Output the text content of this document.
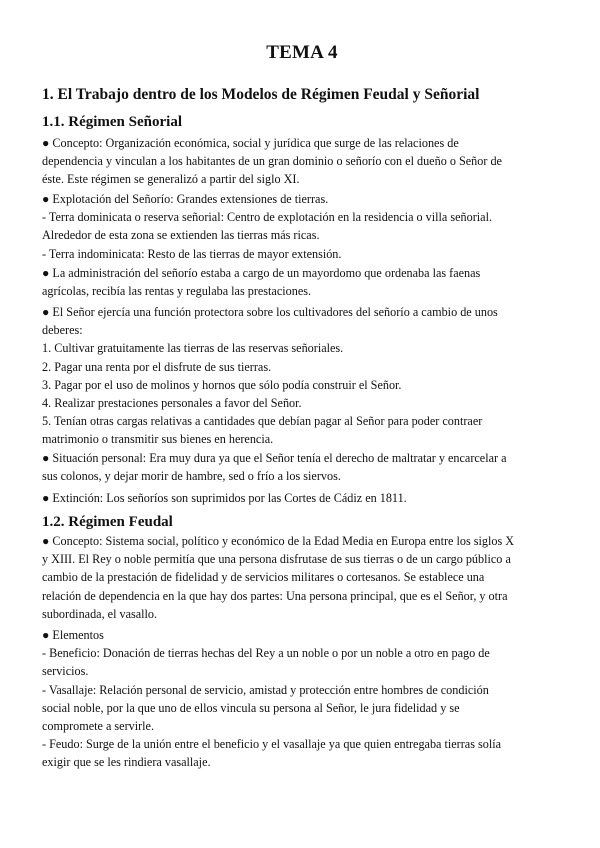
TEMA 4
1. El Trabajo dentro de los Modelos de Régimen Feudal y Señorial
1.1. Régimen Señorial
● Concepto: Organización económica, social y jurídica que surge de las relaciones de
dependencia y vinculan a los habitantes de un gran dominio o señorío con el dueño o Señor de
éste. Este régimen se generalizó a partir del siglo XI.
● Explotación del Señorío: Grandes extensiones de tierras.
- Terra dominicata o reserva señorial: Centro de explotación en la residencia o villa señorial.
Alrededor de esta zona se extienden las tierras más ricas.
- Terra indominicata: Resto de las tierras de mayor extensión.
● La administración del señorío estaba a cargo de un mayordomo que ordenaba las faenas
agrícolas, recibía las rentas y regulaba las prestaciones.
● El Señor ejercía una función protectora sobre los cultivadores del señorío a cambio de unos
deberes:
1. Cultivar gratuitamente las tierras de las reservas señoriales.
2. Pagar una renta por el disfrute de sus tierras.
3. Pagar por el uso de molinos y hornos que sólo podía construir el Señor.
4. Realizar prestaciones personales a favor del Señor.
5. Tenían otras cargas relativas a cantidades que debían pagar al Señor para poder contraer
matrimonio o transmitir sus bienes en herencia.
● Situación personal: Era muy dura ya que el Señor tenía el derecho de maltratar y encarcelar a
sus colonos, y dejar morir de hambre, sed o frío a los siervos.
● Extinción: Los señoríos son suprimidos por las Cortes de Cádiz en 1811.
1.2. Régimen Feudal
● Concepto: Sistema social, político y económico de la Edad Media en Europa entre los siglos X
y XIII. El Rey o noble permitía que una persona disfrutase de sus tierras o de un cargo público a
cambio de la prestación de fidelidad y de servicios militares o cortesanos. Se establece una
relación de dependencia en la que hay dos partes: Una persona principal, que es el Señor, y otra
subordinada, el vasallo.
● Elementos
- Beneficio: Donación de tierras hechas del Rey a un noble o por un noble a otro en pago de
servicios.
- Vasallaje: Relación personal de servicio, amistad y protección entre hombres de condición
social noble, por la que uno de ellos vincula su persona al Señor, le jura fidelidad y se
compromete a servirle.
- Feudo: Surge de la unión entre el beneficio y el vasallaje ya que quien entregaba tierras solía
exigir que se les rindiera vasallaje.
